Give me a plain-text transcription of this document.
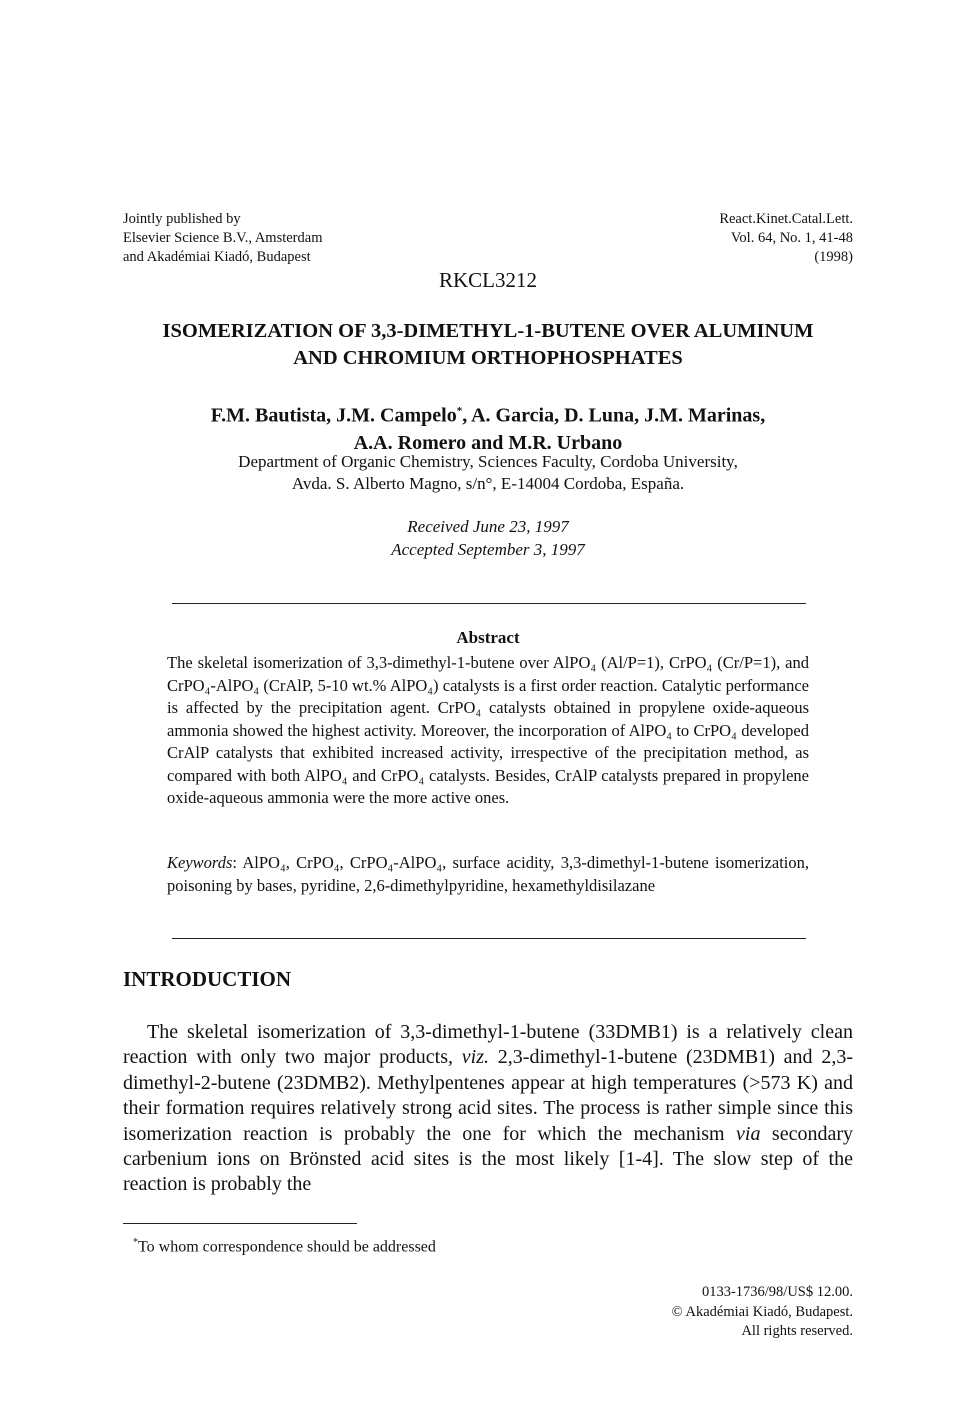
Jointly published by
Elsevier Science B.V., Amsterdam
and Akadémiai Kiadó, Budapest
React.Kinet.Catal.Lett.
Vol. 64, No. 1, 41-48
(1998)
RKCL3212
ISOMERIZATION OF 3,3-DIMETHYL-1-BUTENE OVER ALUMINUM
AND CHROMIUM ORTHOPHOSPHATES
F.M. Bautista, J.M. Campelo*, A. Garcia, D. Luna, J.M. Marinas,
A.A. Romero and M.R. Urbano
Department of Organic Chemistry, Sciences Faculty, Cordoba University,
Avda. S. Alberto Magno, s/n°, E-14004 Cordoba, España.
Received June 23, 1997
Accepted September 3, 1997
Abstract
The skeletal isomerization of 3,3-dimethyl-1-butene over AlPO₄ (Al/P=1), CrPO₄ (Cr/P=1), and CrPO₄-AlPO₄ (CrAlP, 5-10 wt.% AlPO₄) catalysts is a first order reaction. Catalytic performance is affected by the precipitation agent. CrPO₄ catalysts obtained in propylene oxide-aqueous ammonia showed the highest activity. Moreover, the incorporation of AlPO₄ to CrPO₄ developed CrAlP catalysts that exhibited increased activity, irrespective of the precipitation method, as compared with both AlPO₄ and CrPO₄ catalysts. Besides, CrAlP catalysts prepared in propylene oxide-aqueous ammonia were the more active ones.
Keywords: AlPO₄, CrPO₄, CrPO₄-AlPO₄, surface acidity, 3,3-dimethyl-1-butene isomerization, poisoning by bases, pyridine, 2,6-dimethylpyridine, hexamethyldisilazane
INTRODUCTION
The skeletal isomerization of 3,3-dimethyl-1-butene (33DMB1) is a relatively clean reaction with only two major products, viz. 2,3-dimethyl-1-butene (23DMB1) and 2,3-dimethyl-2-butene (23DMB2). Methylpentenes appear at high temperatures (>573 K) and their formation requires relatively strong acid sites. The process is rather simple since this isomerization reaction is probably the one for which the mechanism via secondary carbenium ions on Brönsted acid sites is the most likely [1-4]. The slow step of the reaction is probably the
*To whom correspondence should be addressed
0133-1736/98/US$ 12.00.
© Akadémiai Kiadó, Budapest.
All rights reserved.
